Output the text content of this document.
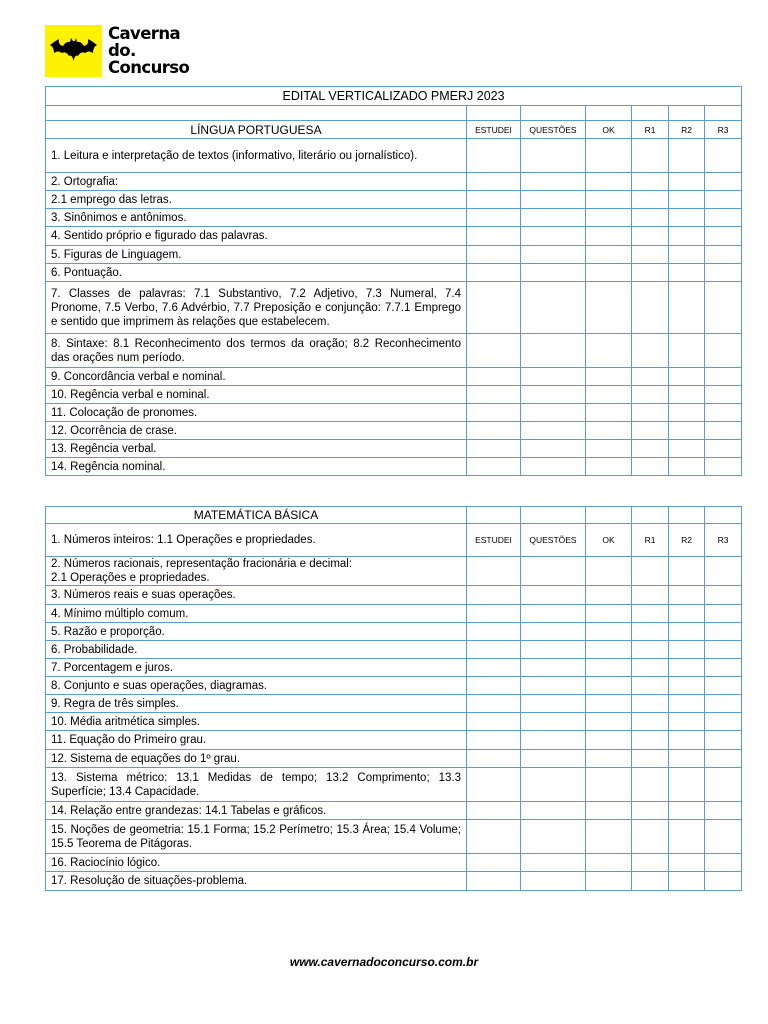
Caverna
do.
Concurso
EDITAL VERTICALIZADO PMERJ 2023						

LÍNGUA PORTUGUESA	ESTUDEI	QUESTÕES	OK	R1	R2	R3
1. Leitura e interpretação de textos (informativo, literário ou jornalístico).						
2. Ortografia:						
2.1 emprego das letras.						
3. Sinônimos e antônimos.						
4. Sentido próprio e figurado das palavras.						
5. Figuras de Linguagem.						
6. Pontuação.						
7. Classes de palavras: 7.1 Substantivo, 7.2 Adjetivo, 7.3 Numeral, 7.4 Pronome, 7.5 Verbo, 7.6 Advérbio, 7.7 Preposição e conjunção: 7.7.1 Emprego e sentido que imprimem às relações que estabelecem.						
8. Sintaxe: 8.1 Reconhecimento dos termos da oração; 8.2 Reconhecimento das orações num período.						
9. Concordância verbal e nominal.						
10. Regência verbal e nominal.						
11. Colocação de pronomes.						
12. Ocorrência de crase.						
13. Regência verbal.						
14. Regência nominal.						
MATEMÁTICA BÁSICA						
1. Números inteiros: 1.1 Operações e propriedades.	ESTUDEI	QUESTÕES	OK	R1	R2	R3
2. Números racionais, representação fracionária e decimal:
2.1 Operações e propriedades.						
3. Números reais e suas operações.						
4. Mínimo múltiplo comum.						
5. Razão e proporção.						
6. Probabilidade.						
7. Porcentagem e juros.						
8. Conjunto e suas operações, diagramas.						
9. Regra de três simples.						
10. Média aritmética simples.						
11. Equação do Primeiro grau.						
12. Sistema de equações do 1º grau.						
13. Sistema métrico: 13.1 Medidas de tempo; 13.2 Comprimento; 13.3 Superfície; 13.4 Capacidade.						
14. Relação entre grandezas: 14.1 Tabelas e gráficos.						
15. Noções de geometria: 15.1 Forma; 15.2 Perímetro; 15.3 Área; 15.4 Volume; 15.5 Teorema de Pitágoras.						
16. Raciocínio lógico.						
17. Resolução de situações-problema.						
www.cavernadoconcurso.com.br
